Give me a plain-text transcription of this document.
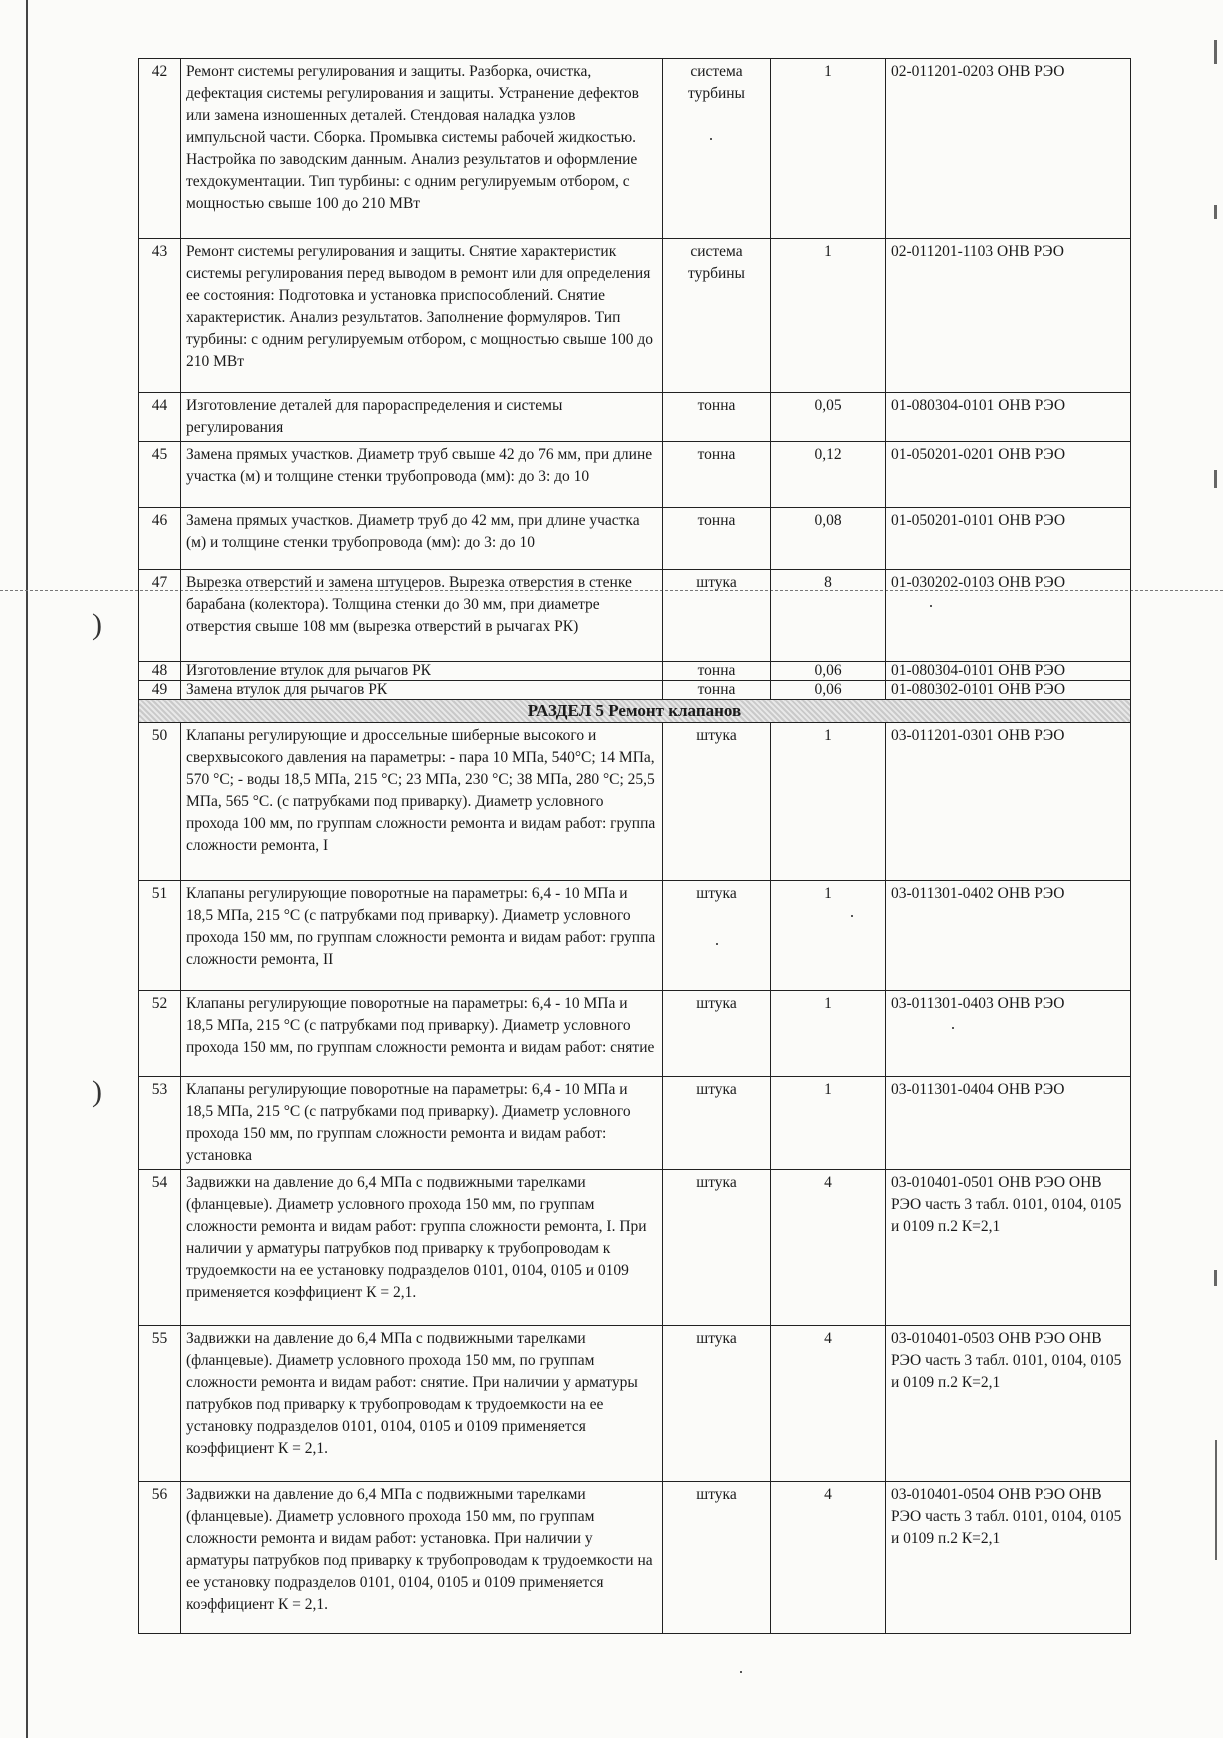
)
)
42	Ремонт системы регулирования и защиты. Разборка, очистка, дефектация системы регулирования и защиты. Устранение дефектов или замена изношенных деталей. Стендовая наладка узлов импульсной части. Сборка. Промывка системы рабочей жидкостью. Настройка по заводским данным. Анализ результатов и оформление техдокументации. Тип турбины: с одним регулируемым отбором, с мощностью свыше 100 до 210 МВт	система турбины	1	02-011201-0203 ОНВ РЭО
43	Ремонт системы регулирования и защиты. Снятие характеристик системы регулирования перед выводом в ремонт или для определения ее состояния: Подготовка и установка приспособлений. Снятие характеристик. Анализ результатов. Заполнение формуляров. Тип турбины: с одним регулируемым отбором, с мощностью свыше 100 до 210 МВт	система турбины	1	02-011201-1103 ОНВ РЭО
44	Изготовление деталей для парораспределения и системы регулирования	тонна	0,05	01-080304-0101 ОНВ РЭО
45	Замена прямых участков. Диаметр труб свыше 42 до 76 мм, при длине участка (м) и толщине стенки трубопровода (мм): до 3: до 10	тонна	0,12	01-050201-0201 ОНВ РЭО
46	Замена прямых участков. Диаметр труб до 42 мм, при длине участка (м) и толщине стенки трубопровода (мм): до 3: до 10	тонна	0,08	01-050201-0101 ОНВ РЭО
47	Вырезка отверстий и замена штуцеров. Вырезка отверстия в стенке барабана (колектора). Толщина стенки до 30 мм, при диаметре отверстия свыше 108 мм (вырезка отверстий в рычагах РК)	штука	8	01-030202-0103 ОНВ РЭО
48	Изготовление втулок для рычагов РК	тонна	0,06	01-080304-0101 ОНВ РЭО
49	Замена втулок для рычагов РК	тонна	0,06	01-080302-0101 ОНВ РЭО
РАЗДЕЛ 5 Ремонт клапанов				
50	Клапаны регулирующие и дроссельные шиберные высокого и сверхвысокого давления на параметры: - пара 10 МПа, 540°С; 14 МПа, 570 °С; - воды 18,5 МПа, 215 °С; 23 МПа, 230 °С; 38 МПа, 280 °С; 25,5 МПа, 565 °С. (с патрубками под приварку). Диаметр условного прохода 100 мм, по группам сложности ремонта и видам работ: группа сложности ремонта, I	штука	1	03-011201-0301 ОНВ РЭО
51	Клапаны регулирующие поворотные на параметры: 6,4 - 10 МПа и 18,5 МПа, 215 °С (с патрубками под приварку). Диаметр условного прохода 150 мм, по группам сложности ремонта и видам работ: группа сложности ремонта, II	штука	1	03-011301-0402 ОНВ РЭО
52	Клапаны регулирующие поворотные на параметры: 6,4 - 10 МПа и 18,5 МПа, 215 °С (с патрубками под приварку). Диаметр условного прохода 150 мм, по группам сложности ремонта и видам работ: снятие	штука	1	03-011301-0403 ОНВ РЭО
53	Клапаны регулирующие поворотные на параметры: 6,4 - 10 МПа и 18,5 МПа, 215 °С (с патрубками под приварку). Диаметр условного прохода 150 мм, по группам сложности ремонта и видам работ: установка	штука	1	03-011301-0404 ОНВ РЭО
54	Задвижки на давление до 6,4 МПа с подвижными тарелками (фланцевые). Диаметр условного прохода 150 мм, по группам сложности ремонта и видам работ: группа сложности ремонта, I. При наличии у арматуры патрубков под приварку к трубопроводам к трудоемкости на ее установку подразделов 0101, 0104, 0105 и 0109 применяется коэффициент К = 2,1.	штука	4	03-010401-0501 ОНВ РЭО ОНВ РЭО часть 3 табл. 0101, 0104, 0105 и 0109 п.2 К=2,1
55	Задвижки на давление до 6,4 МПа с подвижными тарелками (фланцевые). Диаметр условного прохода 150 мм, по группам сложности ремонта и видам работ: снятие. При наличии у арматуры патрубков под приварку к трубопроводам к трудоемкости на ее установку подразделов 0101, 0104, 0105 и 0109 применяется коэффициент К = 2,1.	штука	4	03-010401-0503 ОНВ РЭО ОНВ РЭО часть 3 табл. 0101, 0104, 0105 и 0109 п.2 К=2,1
56	Задвижки на давление до 6,4 МПа с подвижными тарелками (фланцевые). Диаметр условного прохода 150 мм, по группам сложности ремонта и видам работ: установка. При наличии у арматуры патрубков под приварку к трубопроводам к трудоемкости на ее установку подразделов 0101, 0104, 0105 и 0109 применяется коэффициент К = 2,1.	штука	4	03-010401-0504 ОНВ РЭО ОНВ РЭО часть 3 табл. 0101, 0104, 0105 и 0109 п.2 К=2,1
